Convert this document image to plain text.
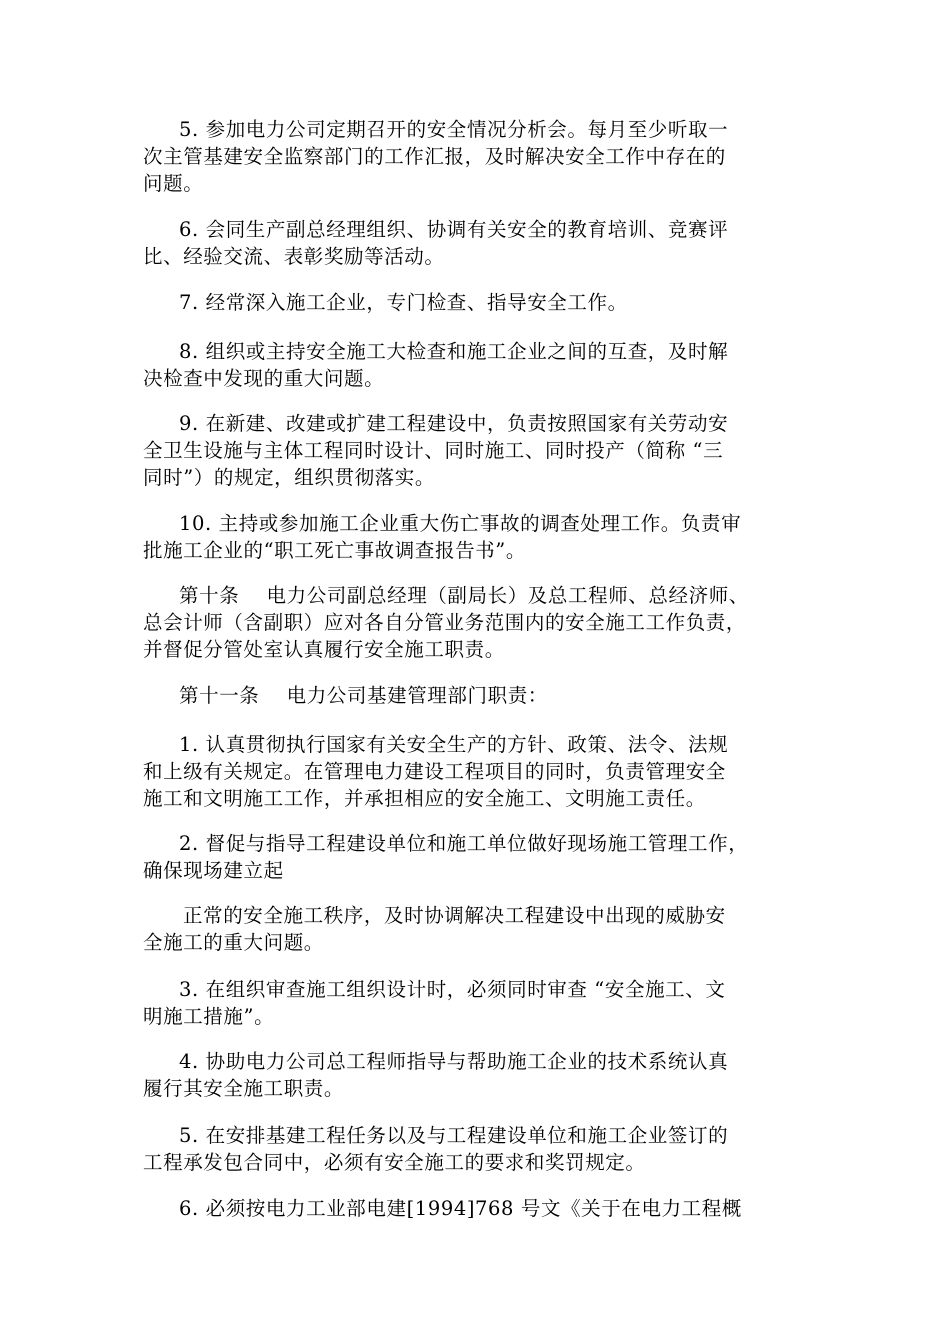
5. 参加电力公司定期召开的安全情况分析会。每月至少听取一
次主管基建安全监察部门的工作汇报，及时解决安全工作中存在的
问题。
6. 会同生产副总经理组织、协调有关安全的教育培训、竞赛评
比、经验交流、表彰奖励等活动。
7. 经常深入施工企业，专门检查、指导安全工作。
8. 组织或主持安全施工大检查和施工企业之间的互查，及时解
决检查中发现的重大问题。
9. 在新建、改建或扩建工程建设中，负责按照国家有关劳动安
全卫生设施与主体工程同时设计、同时施工、同时投产（简称 “三
同时”）的规定，组织贯彻落实。
10. 主持或参加施工企业重大伤亡事故的调查处理工作。负责审
批施工企业的“职工死亡事故调查报告书”。
第十条    电力公司副总经理（副局长）及总工程师、总经济师、
总会计师（含副职）应对各自分管业务范围内的安全施工工作负责，
并督促分管处室认真履行安全施工职责。
第十一条    电力公司基建管理部门职责：
1. 认真贯彻执行国家有关安全生产的方针、政策、法令、法规
和上级有关规定。在管理电力建设工程项目的同时，负责管理安全
施工和文明施工工作，并承担相应的安全施工、文明施工责任。
2. 督促与指导工程建设单位和施工单位做好现场施工管理工作，
确保现场建立起
正常的安全施工秩序，及时协调解决工程建设中出现的威胁安
全施工的重大问题。
3. 在组织审查施工组织设计时，必须同时审查 “安全施工、文
明施工措施”。
4. 协助电力公司总工程师指导与帮助施工企业的技术系统认真
履行其安全施工职责。
5. 在安排基建工程任务以及与工程建设单位和施工企业签订的
工程承发包合同中，必须有安全施工的要求和奖罚规定。
6. 必须按电力工业部电建[1994]768 号文《关于在电力工程概
